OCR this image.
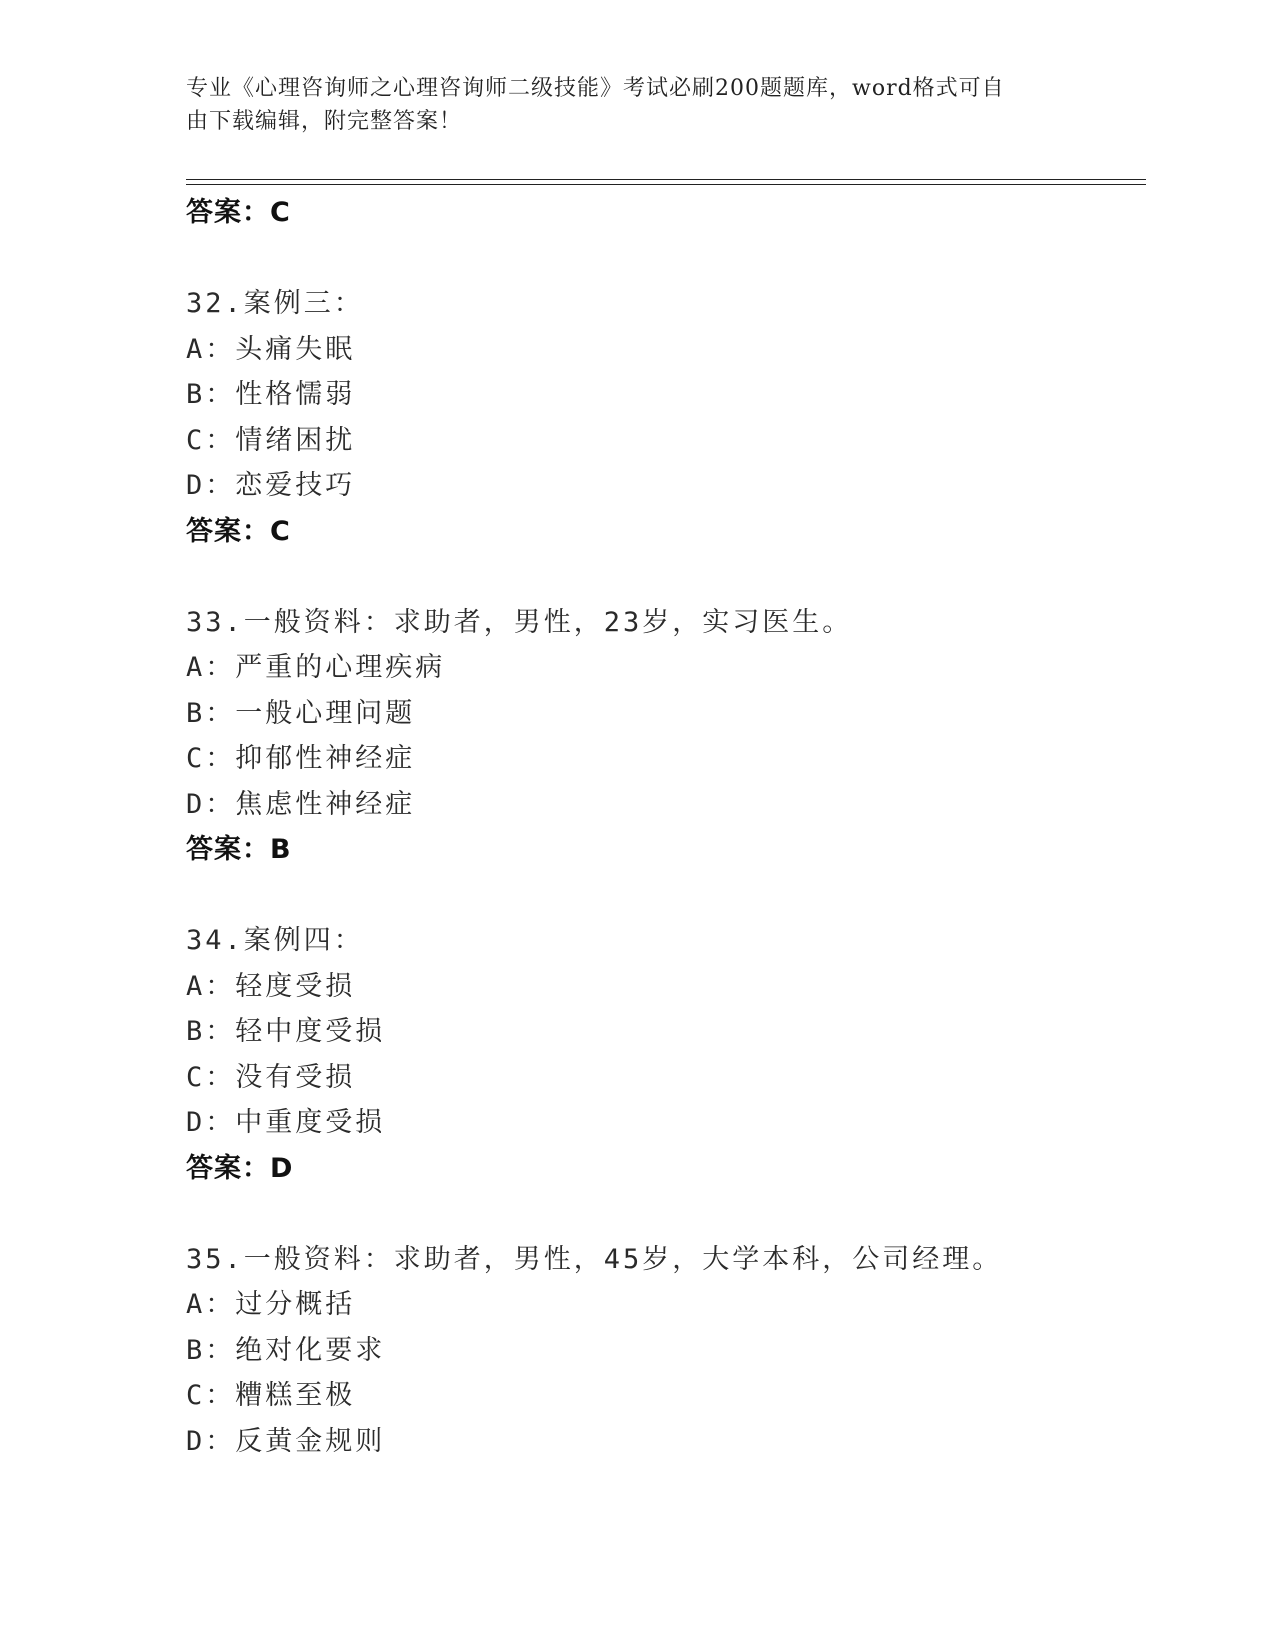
专业《心理咨询师之心理咨询师二级技能》考试必刷200题题库，word格式可自
由下载编辑，附完整答案！
答案：C
32.案例三：
A：头痛失眠
B：性格懦弱
C：情绪困扰
D：恋爱技巧
答案：C
33.一般资料：求助者，男性，23岁，实习医生。
A：严重的心理疾病
B：一般心理问题
C：抑郁性神经症
D：焦虑性神经症
答案：B
34.案例四：
A：轻度受损
B：轻中度受损
C：没有受损
D：中重度受损
答案：D
35.一般资料：求助者，男性，45岁，大学本科，公司经理。
A：过分概括
B：绝对化要求
C：糟糕至极
D：反黄金规则
